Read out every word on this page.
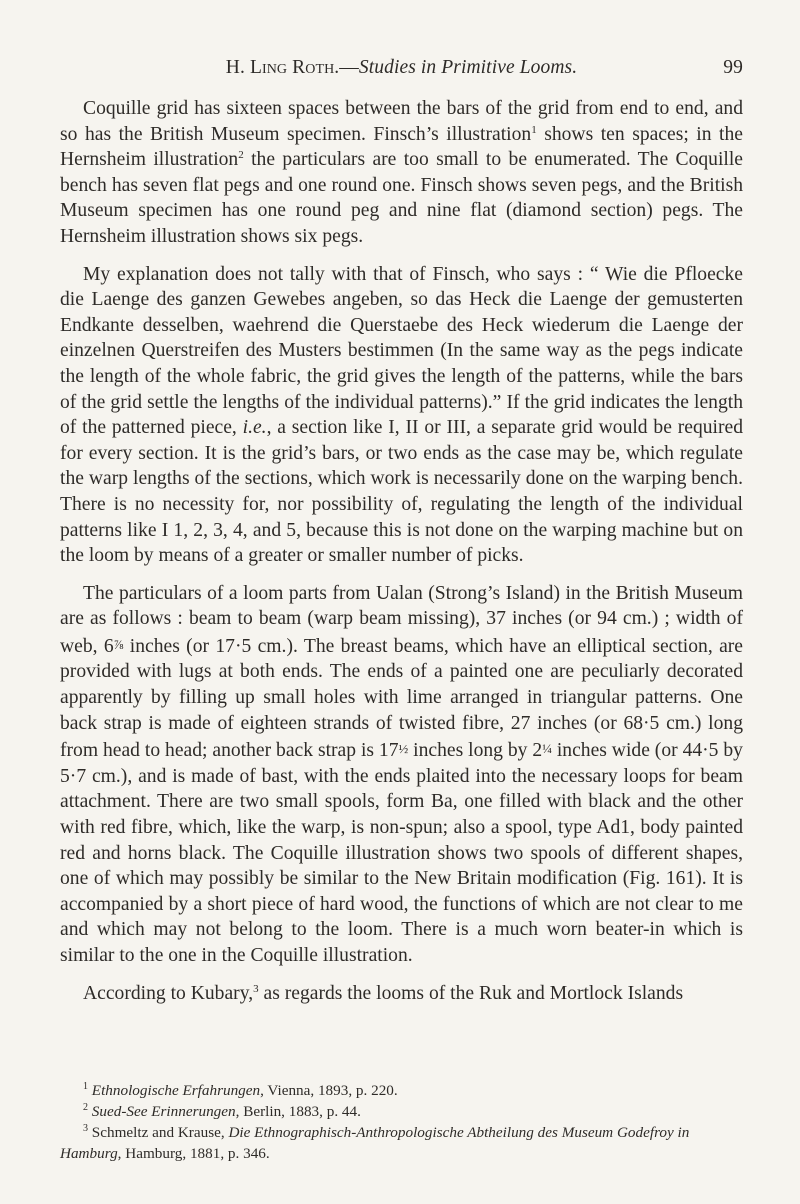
H. Ling Roth.—Studies in Primitive Looms.	99

Coquille grid has sixteen spaces between the bars of the grid from end to end, and so has the British Museum specimen. Finsch’s illustration$^1$ shows ten spaces; in the Hernsheim illustration$^2$ the particulars are too small to be enumerated. The Coquille bench has seven flat pegs and one round one. Finsch shows seven pegs, and the British Museum specimen has one round peg and nine flat (diamond section) pegs. The Hernsheim illustration shows six pegs.

My explanation does not tally with that of Finsch, who says : “ Wie die Pfloecke die Laenge des ganzen Gewebes angeben, so das Heck die Laenge der gemusterten Endkante desselben, waehrend die Querstaebe des Heck wiederum die Laenge der einzelnen Querstreifen des Musters bestimmen (In the same way as the pegs indicate the length of the whole fabric, the grid gives the length of the patterns, while the bars of the grid settle the lengths of the individual patterns).” If the grid indicates the length of the patterned piece, i.e., a section like I, II or III, a separate grid would be required for every section. It is the grid’s bars, or two ends as the case may be, which regulate the warp lengths of the sections, which work is necessarily done on the warping bench. There is no necessity for, nor possibility of, regulating the length of the individual patterns like I 1, 2, 3, 4, and 5, because this is not done on the warping machine but on the loom by means of a greater or smaller number of picks.

The particulars of a loom parts from Ualan (Strong’s Island) in the British Museum are as follows : beam to beam (warp beam missing), 37 inches (or 94 cm.) ; width of web, 6⅞ inches (or 17·5 cm.). The breast beams, which have an elliptical section, are provided with lugs at both ends. The ends of a painted one are peculiarly decorated apparently by filling up small holes with lime arranged in triangular patterns. One back strap is made of eighteen strands of twisted fibre, 27 inches (or 68·5 cm.) long from head to head; another back strap is 17½ inches long by 2¼ inches wide (or 44·5 by 5·7 cm.), and is made of bast, with the ends plaited into the necessary loops for beam attachment. There are two small spools, form Ba, one filled with black and the other with red fibre, which, like the warp, is non-spun; also a spool, type Ad1, body painted red and horns black. The Coquille illustration shows two spools of different shapes, one of which may possibly be similar to the New Britain modification (Fig. 161). It is accompanied by a short piece of hard wood, the functions of which are not clear to me and which may not belong to the loom. There is a much worn beater-in which is similar to the one in the Coquille illustration.

According to Kubary,$^3$ as regards the looms of the Ruk and Mortlock Islands

$^1$ Ethnologische Erfahrungen, Vienna, 1893, p. 220.

$^2$ Sued-See Erinnerungen, Berlin, 1883, p. 44.

$^3$ Schmeltz and Krause, Die Ethnographisch-Anthropologische Abtheilung des Museum Godefroy in Hamburg, Hamburg, 1881, p. 346.
